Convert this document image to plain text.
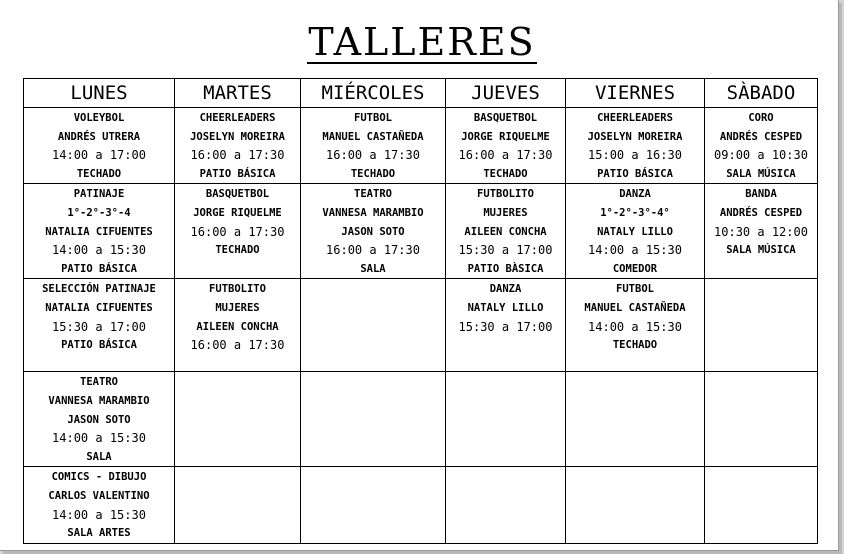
TALLERES
LUNES	MARTES	MIÉRCOLES	JUEVES	VIERNES	SÀBADO

VOLEYBOL
ANDRÉS UTRERA
14:00 a 17:00
TECHADO	CHEERLEADERS
JOSELYN MOREIRA
16:00 a 17:30
PATIO BÁSICA	FUTBOL
MANUEL CASTAÑEDA
16:00 a 17:30
TECHADO	BASQUETBOL
JORGE RIQUELME
16:00 a 17:30
TECHADO	CHEERLEADERS
JOSELYN MOREIRA
15:00 a 16:30
PATIO BÁSICA	CORO
ANDRÉS CESPED
09:00 a 10:30
SALA MÚSICA

PATINAJE
1°-2°-3°-4
NATALIA CIFUENTES
14:00 a 15:30
PATIO BÁSICA	BASQUETBOL
JORGE RIQUELME
16:00 a 17:30
TECHADO	TEATRO
VANNESA MARAMBIO
JASON SOTO
16:00 a 17:30
SALA	FUTBOLITO
MUJERES
AILEEN CONCHA
15:30 a 17:00
PATIO BÀSICA	DANZA
1°-2°-3°-4°
NATALY LILLO
14:00 a 15:30
COMEDOR	BANDA
ANDRÉS CESPED
10:30 a 12:00
SALA MÚSICA

SELECCIÓN PATINAJE
NATALIA CIFUENTES
15:30 a 17:00
PATIO BÁSICA	FUTBOLITO
MUJERES
AILEEN CONCHA
16:00 a 17:30		DANZA
NATALY LILLO
15:30 a 17:00	FUTBOL
MANUEL CASTAÑEDA
14:00 a 15:30
TECHADO	

TEATRO
VANNESA MARAMBIO
JASON SOTO
14:00 a 15:30
SALA					

COMICS - DIBUJO
CARLOS VALENTINO
14:00 a 15:30
SALA ARTES					
